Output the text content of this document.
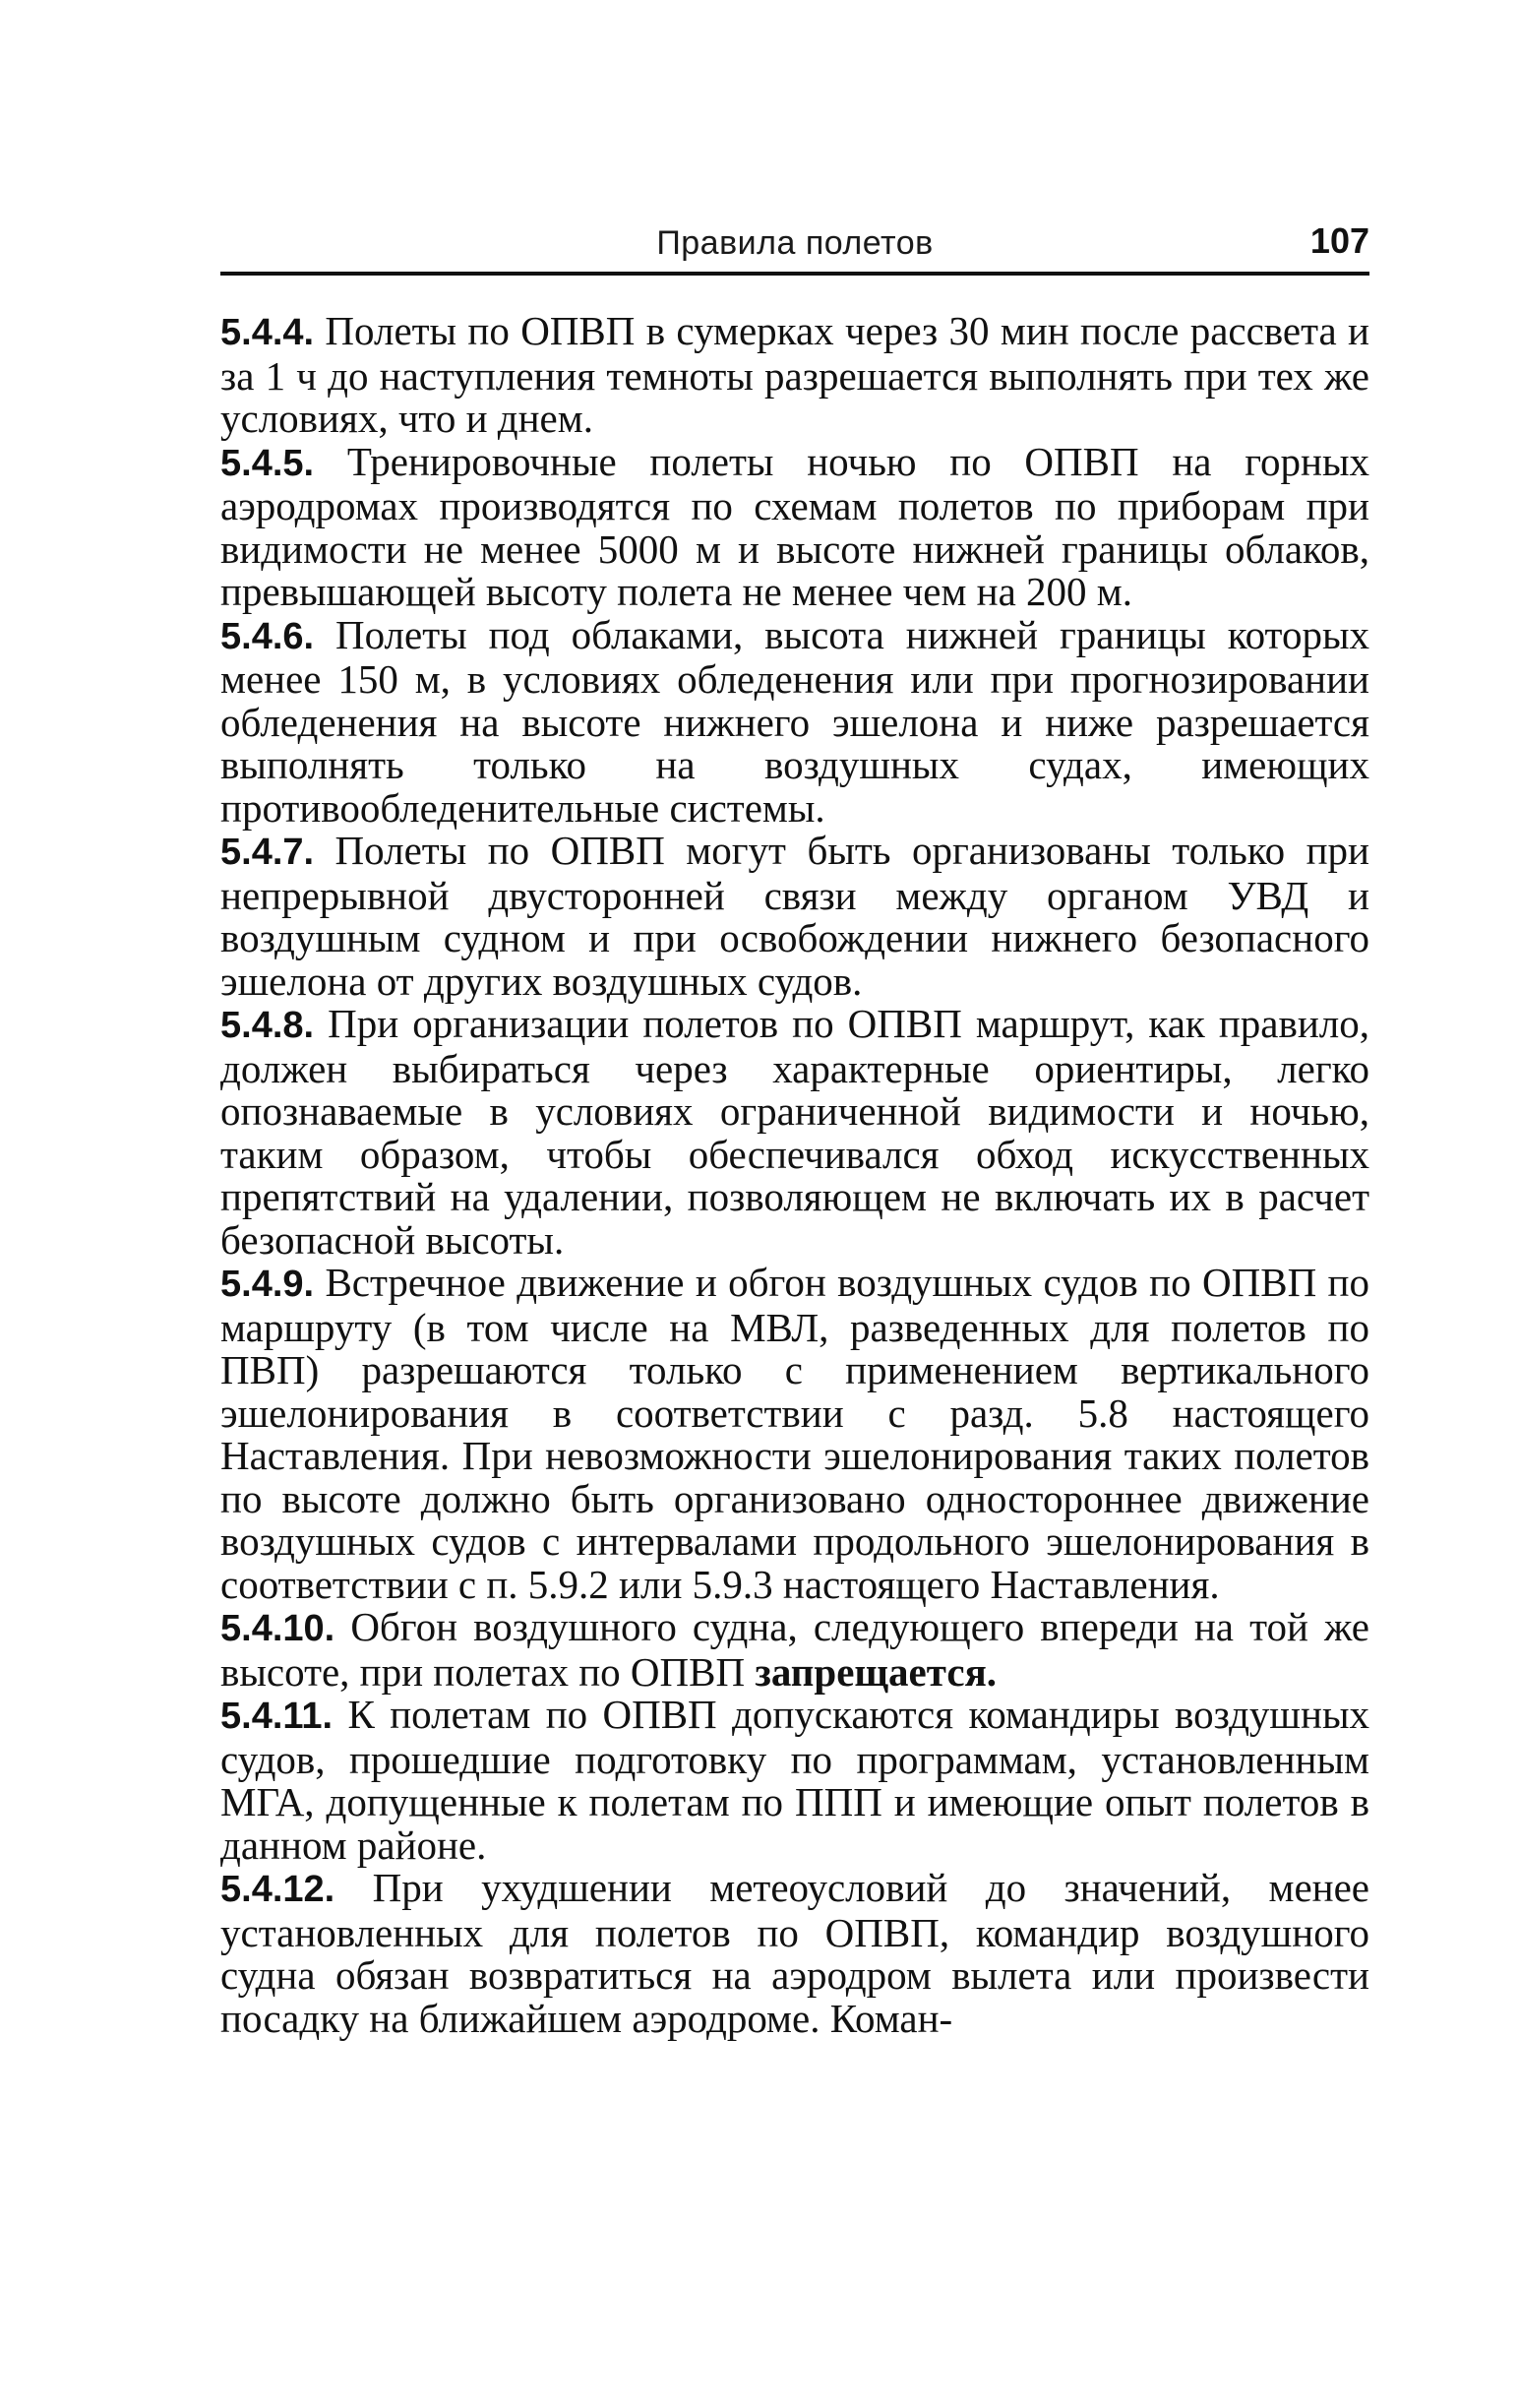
Правила полетов	107

5.4.4. Полеты по ОПВП в сумерках через 30 мин после рассвета и за 1 ч до наступления темноты разрешается выполнять при тех же условиях, что и днем.

5.4.5. Тренировочные полеты ночью по ОПВП на горных аэродромах производятся по схемам полетов по приборам при видимости не менее 5000 м и высоте нижней границы облаков, превышающей высоту полета не менее чем на 200 м.

5.4.6. Полеты под облаками, высота нижней границы которых менее 150 м, в условиях обледенения или при прогнозировании обледенения на высоте нижнего эшелона и ниже разрешается выполнять только на воздушных судах, имеющих противообледенительные системы.

5.4.7. Полеты по ОПВП могут быть организованы только при непрерывной двусторонней связи между органом УВД и воздушным судном и при освобождении нижнего безопасного эшелона от других воздушных судов.

5.4.8. При организации полетов по ОПВП маршрут, как правило, должен выбираться через характерные ориентиры, легко опознаваемые в условиях ограниченной видимости и ночью, таким образом, чтобы обеспечивался обход искусственных препятствий на удалении, позволяющем не включать их в расчет безопасной высоты.

5.4.9. Встречное движение и обгон воздушных судов по ОПВП по маршруту (в том числе на МВЛ, разведенных для полетов по ПВП) разрешаются только с применением вертикального эшелонирования в соответствии с разд. 5.8 настоящего Наставления. При невозможности эшелонирования таких полетов по высоте должно быть организовано одностороннее движение воздушных судов с интервалами продольного эшелонирования в соответствии с п. 5.9.2 или 5.9.3 настоящего Наставления.

5.4.10. Обгон воздушного судна, следующего впереди на той же высоте, при полетах по ОПВП запрещается.

5.4.11. К полетам по ОПВП допускаются командиры воздушных судов, прошедшие подготовку по программам, установленным МГА, допущенные к полетам по ППП и имеющие опыт полетов в данном районе.

5.4.12. При ухудшении метеоусловий до значений, менее установленных для полетов по ОПВП, командир воздушного судна обязан возвратиться на аэродром вылета или произвести посадку на ближайшем аэродроме. Коман-
